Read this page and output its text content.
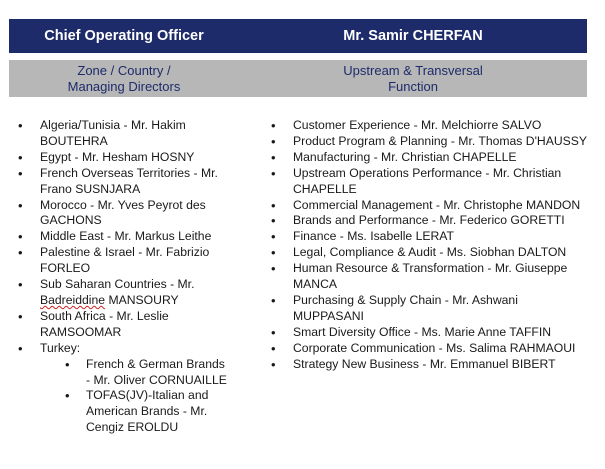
Chief Operating Officer	Mr. Samir CHERFAN
Zone / Country /
Managing Directors
Upstream & Transversal
Function
• Algeria/Tunisia - Mr. Hakim BOUTEHRA
• Egypt - Mr. Hesham HOSNY
• French Overseas Territories - Mr. Frano SUSNJARA
• Morocco - Mr. Yves Peyrot des GACHONS
• Middle East - Mr. Markus Leithe
• Palestine & Israel - Mr. Fabrizio FORLEO
• Sub Saharan Countries - Mr. Badreiddine MANSOURY
• South Africa - Mr. Leslie RAMSOOMAR
• Turkey:
• French & German Brands - Mr. Oliver CORNUAILLE
• TOFAS(JV)-Italian and American Brands - Mr. Cengiz EROLDU
• Customer Experience - Mr. Melchiorre SALVO
• Product Program & Planning - Mr. Thomas D'HAUSSY
• Manufacturing - Mr. Christian CHAPELLE
• Upstream Operations Performance - Mr. Christian CHAPELLE
• Commercial Management - Mr. Christophe MANDON
• Brands and Performance - Mr. Federico GORETTI
• Finance - Ms. Isabelle LERAT
• Legal, Compliance & Audit - Ms. Siobhan DALTON
• Human Resource & Transformation - Mr. Giuseppe MANCA
• Purchasing & Supply Chain - Mr. Ashwani MUPPASANI
• Smart Diversity Office - Ms. Marie Anne TAFFIN
• Corporate Communication - Ms. Salima RAHMAOUI
• Strategy New Business - Mr. Emmanuel BIBERT
